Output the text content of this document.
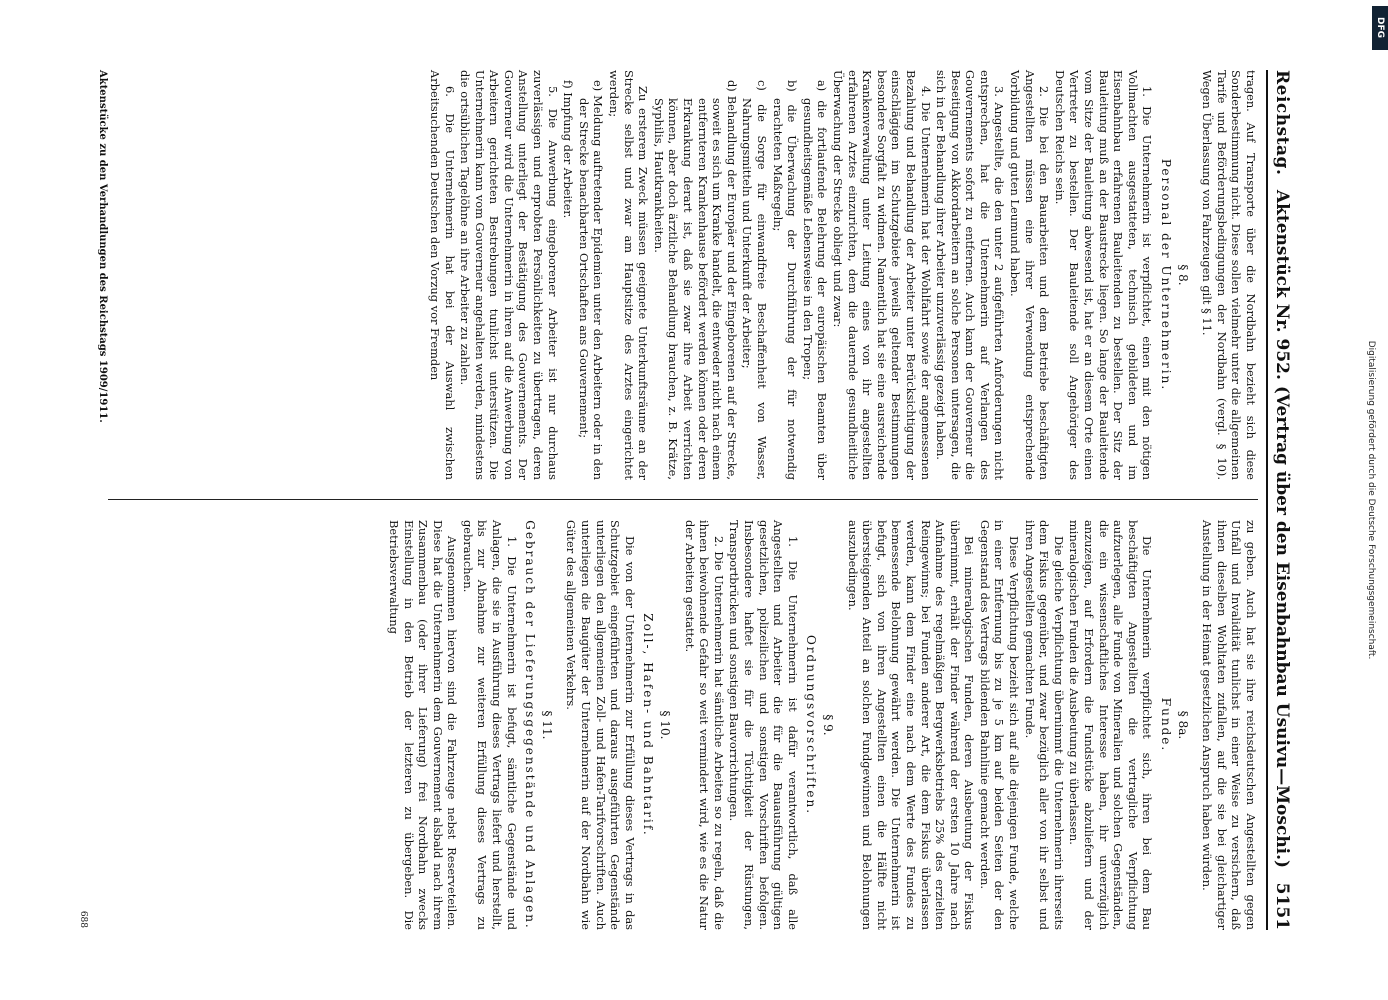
Reichstag.
Aktenstück Nr. 952. (Vertrag über den Eisenbahnbau Usuivu—Moschi.)
5151

tragen. Auf Transporte über die Nordbahn bezieht sich diese Sonderbestimmung nicht. Diese sollen vielmehr unter die allgemeinen Tarife und Beförderungsbedingungen der Nordbahn (vergl. § 10). Wegen Überlassung von Fahrzeugen gilt § 11.

§ 8.
Personal der Unternehmerin.

1. Die Unternehmerin ist verpflichtet, einen mit den nötigen Vollmachten ausgestatteten, technisch gebildeten und im Eisenbahnbau erfahrenen Bauleitenden zu bestellen. Der Sitz der Bauleitung muß an der Baustrecke liegen. So lange der Bauleitende vom Sitze der Bauleitung abwesend ist, hat er an diesem Orte einen Vertreter zu bestellen. Der Bauleitende soll Angehöriger des Deutschen Reichs sein.

2. Die bei den Bauarbeiten und dem Betriebe beschäftigten Angestellten müssen eine ihrer Verwendung entsprechende Vorbildung und guten Leumund haben.

3. Angestellte, die den unter 2 aufgeführten Anforderungen nicht entsprechen, hat die Unternehmerin auf Verlangen des Gouvernements sofort zu entfernen. Auch kann der Gouverneur die Beseitigung von Akkordarbeitern an solche Personen untersagen, die sich in der Behandlung ihrer Arbeiter unzuverlässig gezeigt haben.

4. Die Unternehmerin hat der Wohlfahrt sowie der angemessenen Bezahlung und Behandlung der Arbeiter unter Berücksichtigung der einschlägigen im Schutzgebiete jeweils geltender Bestimmungen besondere Sorgfalt zu widmen. Namentlich hat sie eine ausreichende Krankenverwaltung unter Leitung eines von ihr angestellten erfahrenen Arztes einzurichten, dem die dauernde gesundheitliche Überwachung der Strecke obliegt und zwar:

a) die fortlaufende Belehrung der europäischen Beamten über gesundheitsgemäße Lebensweise in den Tropen;

b) die Überwachung der Durchführung der für notwendig erachteten Maßregeln;

c) die Sorge für einwandfreie Beschaffenheit von Wasser, Nahrungsmitteln und Unterkunft der Arbeiter;

d) Behandlung der Europäer und der Eingeborenen auf der Strecke, soweit es sich um Kranke handelt, die entweder nicht nach einem entfernteren Krankenhause befördert werden können oder deren Erkrankung derart ist, daß sie zwar ihre Arbeit verrichten können, aber doch ärztliche Behandlung brauchen, z. B. Krätze, Syphilis, Hautkrankheiten.

Zu ersterem Zweck müssen geeignete Unterkunftsräume an der Strecke selbst und zwar am Hauptsitze des Arztes eingerichtet werden;

e) Meldung auftretender Epidemien unter den Arbeitern oder in den der Strecke benachbarten Ortschaften ans Gouvernement;

f) Impfung der Arbeiter.

5. Die Anwerbung eingeborener Arbeiter ist nur durchaus zuverlässigen und erprobten Persönlichkeiten zu übertragen, deren Anstellung unterliegt der Bestätigung des Gouvernements. Der Gouverneur wird die Unternehmerin in ihren auf die Anwerbung von Arbeitern gerichteten Bestrebungen tunlichst unterstützen. Die Unternehmerin kann vom Gouverneur angehalten werden, mindestens die ortsüblichen Tagelöhne an ihre Arbeiter zu zahlen.

6. Die Unternehmerin hat bei der Auswahl zwischen Arbeitsuchenden Deutschen den Vorzug vor Fremden

zu geben. Auch hat sie ihre reichsdeutschen Angestellten gegen Unfall und Invalidität tunlichst in einer Weise zu versichern, daß ihnen dieselben Wohltaten zufallen, auf die sie bei gleichartiger Anstellung in der Heimat gesetzlichen Anspruch haben würden.

§ 8a.
Funde.

Die Unternehmerin verpflichtet sich, ihren bei dem Bau beschäftigten Angestellten die vertragliche Verpflichtung aufzuerlegen, alle Funde von Mineralien und solchen Gegenständen, die ein wissenschaftliches Interesse haben, ihr unverzüglich anzuzeigen, auf Erfordern die Fundstücke abzuliefern und der mineralogischen Funden die Ausbeutung zu überlassen.

Die gleiche Verpflichtung übernimmt die Unternehmerin ihrerseits dem Fiskus gegenüber, und zwar bezüglich aller von ihr selbst und ihren Angestellten gemachten Funde.

Diese Verpflichtung bezieht sich auf alle diejenigen Funde, welche in einer Entfernung bis zu je 5 km auf beiden Seiten der den Gegenstand des Vertrags bildenden Bahnlinie gemacht werden.

Bei mineralogischen Funden, deren Ausbeutung der Fiskus übernimmt, erhält der Finder während der ersten 10 Jahre nach Aufnahme des regelmäßigen Bergwerksbetriebs 25% des erzielten Reingewinns; bei Funden anderer Art, die dem Fiskus überlassen werden, kann dem Finder eine nach dem Werte des Fundes zu bemessende Belohnung gewährt werden. Die Unternehmerin ist befugt, sich von ihren Angestellten einen die Hälfte nicht übersteigenden Anteil an solchen Fundgewinnen und Belohnungen auszubedingen.

§ 9.
Ordnungsvorschriften.

1. Die Unternehmerin ist dafür verantwortlich, daß alle Angestellten und Arbeiter die für die Bauausführung gültigen gesetzlichen, polizeilichen und sonstigen Vorschriften befolgen. Insbesondere haftet sie für die Tüchtigkeit der Rüstungen, Transportbrücken und sonstigen Bauvorrichtungen.

2. Die Unternehmerin hat sämtliche Arbeiten so zu regeln, daß die ihnen beiwohnende Gefahr so weit vermindert wird, wie es die Natur der Arbeiten gestattet.

§ 10.
Zoll-, Hafen- und Bahntarif.

Die von der Unternehmerin zur Erfüllung dieses Vertrags in das Schutzgebiet eingeführten und daraus ausgeführten Gegenstände unterliegen den allgemeinen Zoll- und Hafen-Tarifvorschriften. Auch unterliegen die Baugüter der Unternehmerin auf der Nordbahn wie Güter des allgemeinen Verkehrs.

§ 11.
Gebrauch der Lieferungsgegenstände und Anlagen.

1. Die Unternehmerin ist befugt, sämtliche Gegenstände und Anlagen, die sie in Ausführung dieses Vertrags liefert und herstellt, bis zur Abnahme zur weiteren Erfüllung dieses Vertrags zu gebrauchen.

Ausgenommen hiervon sind die Fahrzeuge nebst Reserveteilen. Diese hat die Unternehmerin dem Gouvernement alsbald nach ihrem Zusammenbau (oder ihrer Lieferung) frei Nordbahn zwecks Einstellung in den Betrieb der letzteren zu übergeben. Die Betriebsverwaltung

Aktenstücke zu den Verhandlungen des Reichstags 1909/1911.
688
DFG
Digitalisierung gefördert durch die Deutsche Forschungsgemeinschaft.
